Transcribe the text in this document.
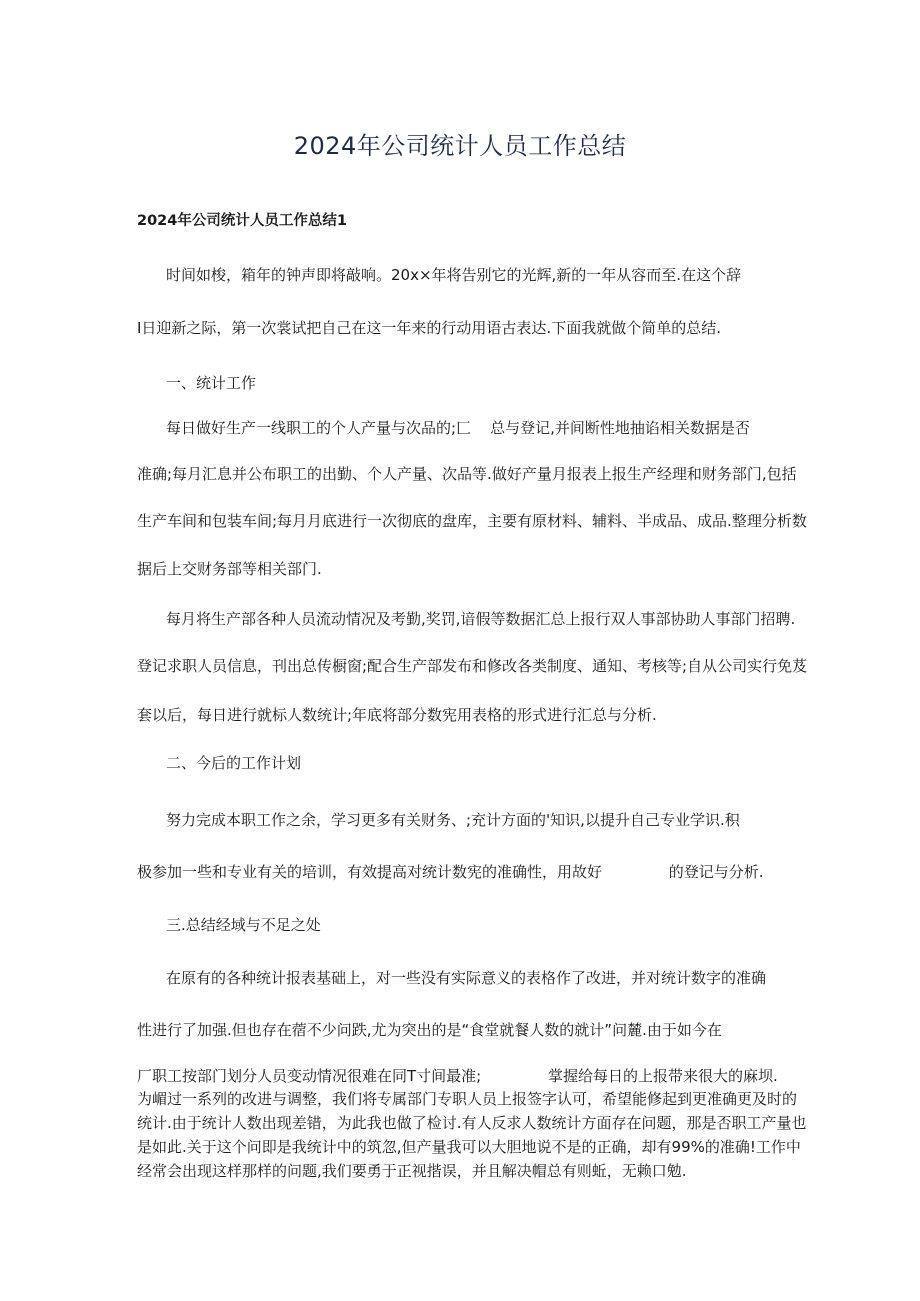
2024年公司统计人员工作总结
2024年公司统计人员工作总结1
时间如梭，箱年的钟声即将敲响。20x×年将告别它的光辉,新的一年从容而至.在这个辞
I日迎新之际，第一次裳试把自己在这一年来的行动用语古表达.下面我就做个简单的总结.
一、统计工作
每日做好生产一线职工的个人产量与次品的;匚    总与登记,并间断性地抽谄相关数据是否
准确;每月汇息并公布职工的出勤、个人产量、次品等.做好产量月报表上报生产经理和财务部门,包括
生产车间和包装车间;每月月底进行一次彻底的盘库，主要有原材料、辅料、半成品、成品.整理分析数
据后上交财务部等相关部门.
每月将生产部各种人员流动情况及考勤,奖罚,谙假等数据汇总上报行双人事部协助人事部门招聘.
登记求职人员信息，刊出总传橱窗;配合生产部发布和修改各类制度、通知、考核等;自从公司实行免芨
套以后，每日进行就标人数统计;年底将部分数宪用表格的形式进行汇总与分析.
二、今后的工作计划
努力完成本职工作之余，学习更多有关财务、;充计方面的'知识,以提升自己专业学识.积
极参加一些和专业有关的培训，有效提高对统计数宪的准确性，用故好              的登记与分析.
三.总结经域与不足之处
在原有的各种统计报表基础上，对一些没有实际意义的表格作了改进，并对统计数字的准确
性进行了加强.但也存在蓿不少问跌,尤为突出的是“食堂就餐人数的就计”问麓.由于如今在
厂职工按部门划分人员变动情况很难在同T寸间最准;              掌握给每日的上报带来很大的麻坝.
为嵋过一系列的改进与调整，我们将专属部门专职人员上报签字认可，希望能修起到更准确更及时的
统计.由于统计人数出现差错，为此我也做了检讨.有人反求人数统计方面存在问题，那是否职工产量也
是如此.关于这个问即是我统计中的筑忽,但产量我可以大胆地说不是的正确，却有99%的准确!工作中
经常会出现这样那样的问题,我们要勇于正视揩误，并且解决帽总有则蚯，无赖口勉.
